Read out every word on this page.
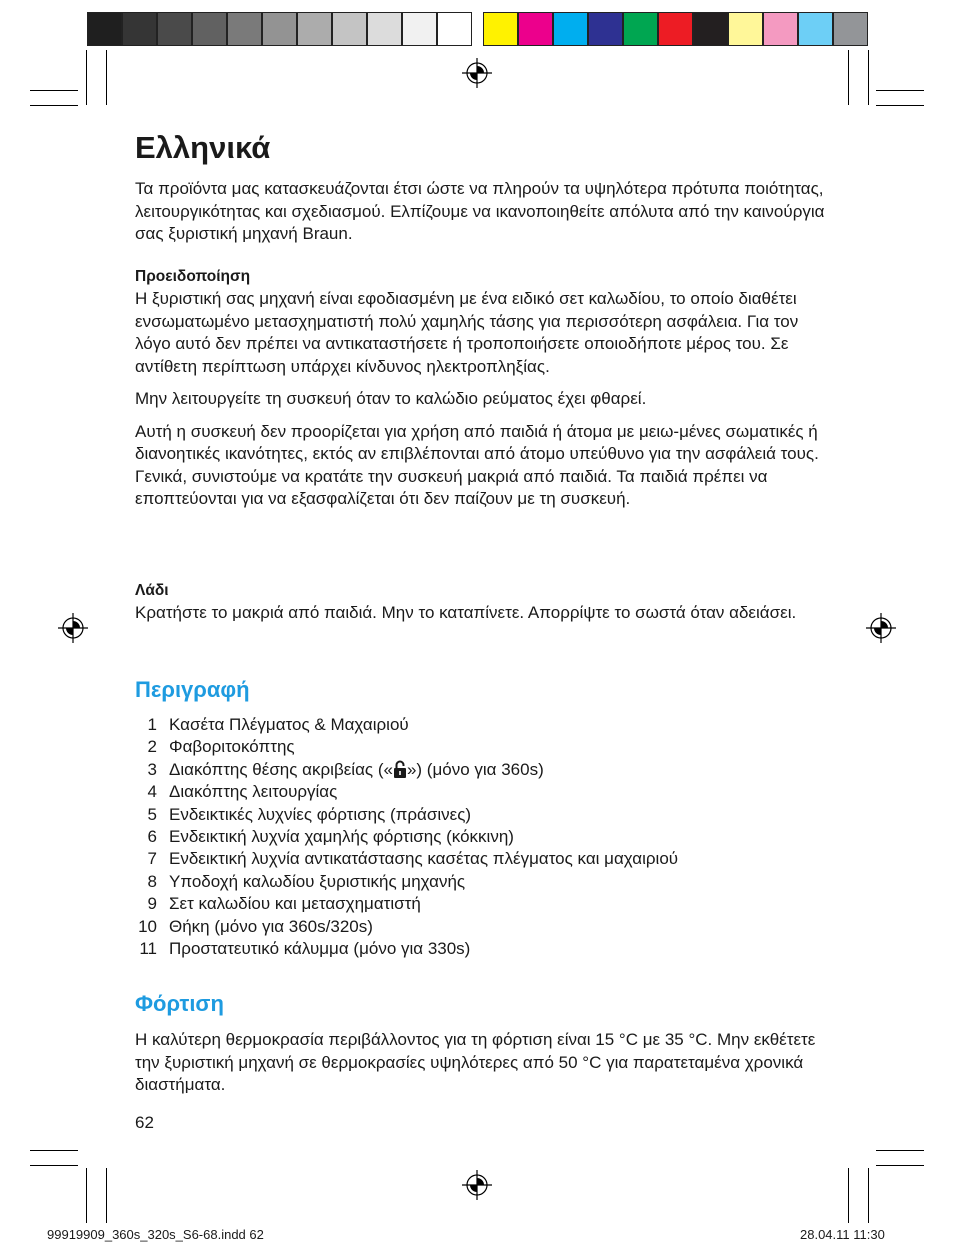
Ελληνικά

Τα προϊόντα μας κατασκευάζονται έτσι ώστε να πληρούν τα υψηλότερα πρότυπα ποιότητας, λειτουργικότητας και σχεδιασμού. Ελπίζουμε να ικανοποιηθείτε απόλυτα από την καινούργια σας ξυριστική μηχανή Braun.

Προειδοποίηση

Η ξυριστική σας μηχανή είναι εφοδιασμένη με ένα ειδικό σετ καλωδίου, το οποίο διαθέτει ενσωματωμένο μετασχηματιστή πολύ χαμηλής τάσης για περισσότερη ασφάλεια. Για τον λόγο αυτό δεν πρέπει να αντικαταστήσετε ή τροποποιήσετε οποιοδήποτε μέρος του. Σε αντίθετη περίπτωση υπάρχει κίνδυνος ηλεκτροπληξίας.

Μην λειτουργείτε τη συσκευή όταν το καλώδιο ρεύματος έχει φθαρεί.

Αυτή η συσκευή δεν προορίζεται για χρήση από παιδιά ή άτομα με μειω-μένες σωματικές ή διανοητικές ικανότητες, εκτός αν επιβλέπονται από άτομο υπεύθυνο για την ασφάλειά τους. Γενικά, συνιστούμε να κρατάτε την συσκευή μακριά από παιδιά. Τα παιδιά πρέπει να εποπτεύονται για να εξασφαλίζεται ότι δεν παίζουν με τη συσκευή.

Λάδι

Κρατήστε το μακριά από παιδιά. Μην το καταπίνετε. Απορρίψτε το σωστά όταν αδειάσει.

Περιγραφή
1 Κασέτα Πλέγματος & Μαχαιριού
2 Φαβοριτοκόπτης
3 Διακόπτης θέσης ακριβείας (« ») (μόνο για 360s)
4 Διακόπτης λειτουργίας
5 Ενδεικτικές λυχνίες φόρτισης (πράσινες)
6 Ενδεικτική λυχνία χαμηλής φόρτισης (κόκκινη)
7 Ενδεικτική λυχνία αντικατάστασης κασέτας πλέγματος και μαχαιριού
8 Υποδοχή καλωδίου ξυριστικής μηχανής
9 Σετ καλωδίου και μετασχηματιστή
10 Θήκη (μόνο για 360s/320s)
11 Προστατευτικό κάλυμμα (μόνο για 330s)
Φόρτιση

Η καλύτερη θερμοκρασία περιβάλλοντος για τη φόρτιση είναι 15 °C με 35 °C. Μην εκθέτετε την ξυριστική μηχανή σε θερμοκρασίες υψηλότερες από 50 °C για παρατεταμένα χρονικά διαστήματα.

62
99919909_360s_320s_S6-68.indd 62	28.04.11 11:30
